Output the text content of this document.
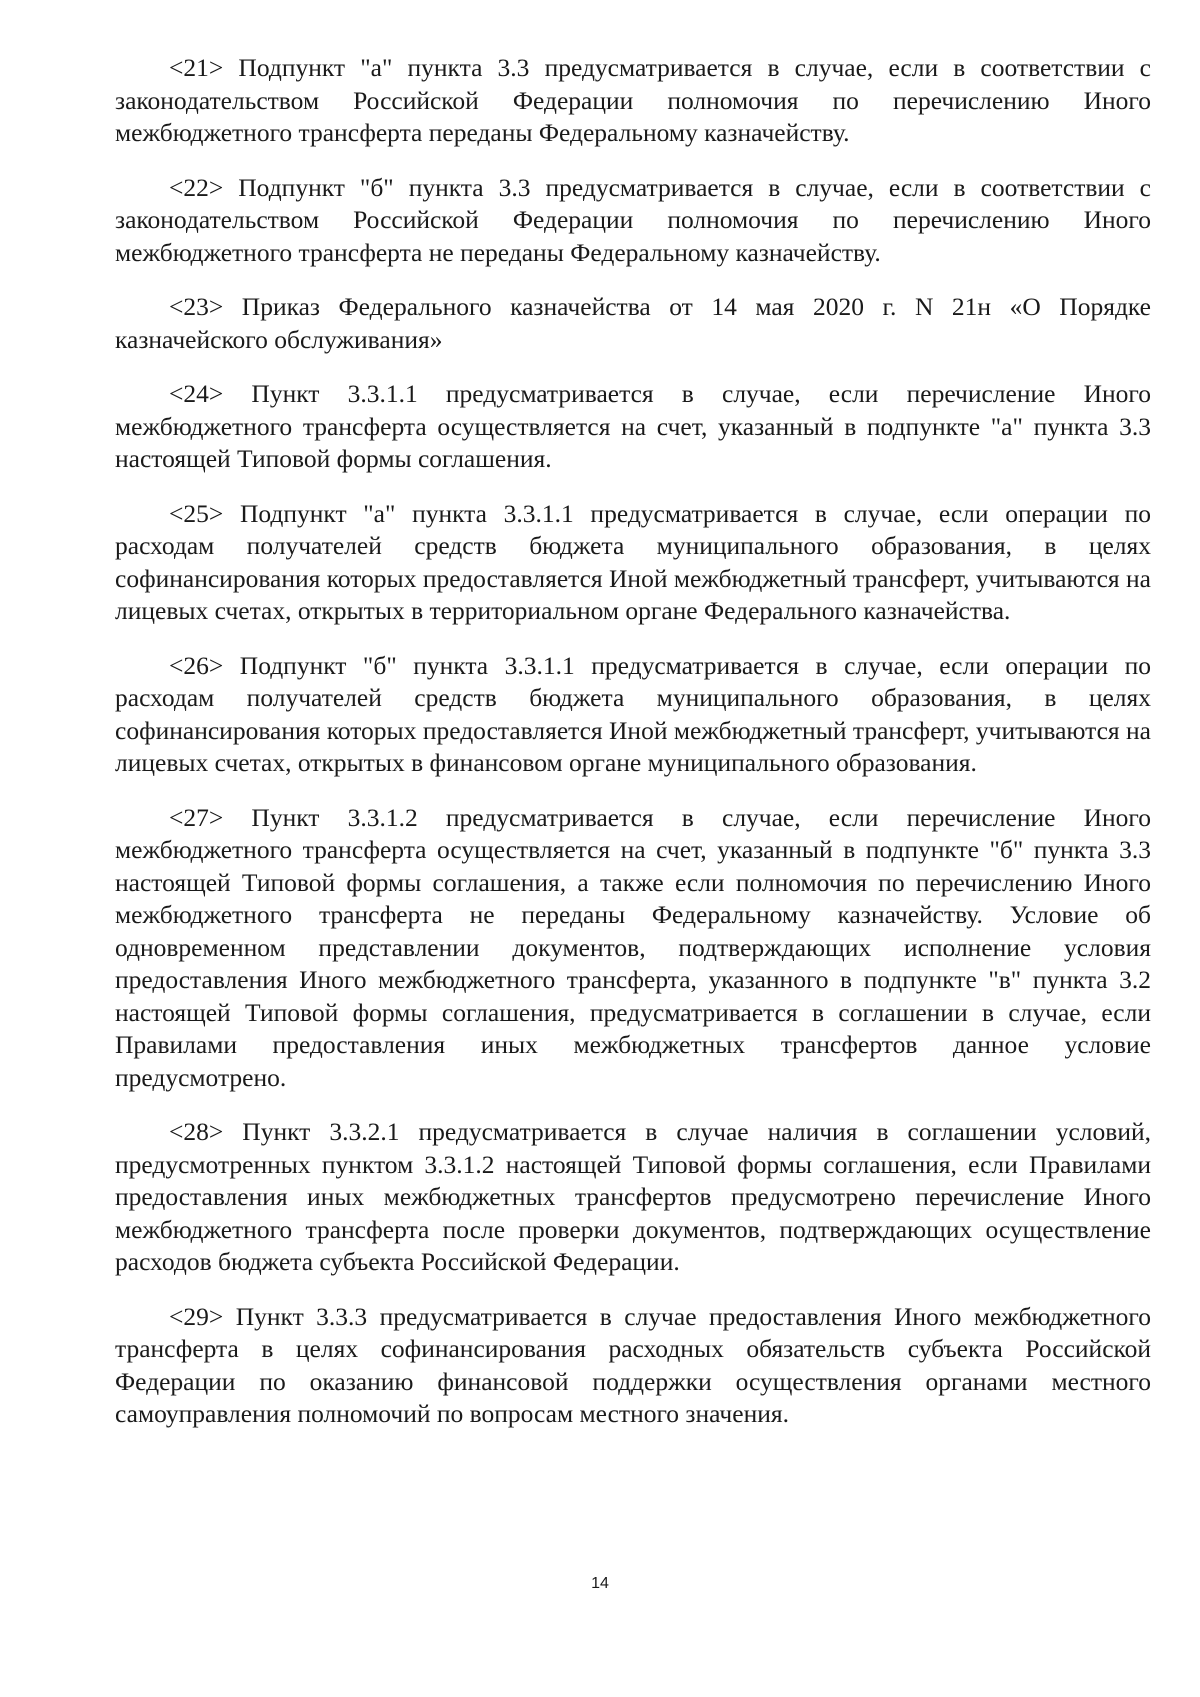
<21> Подпункт "а" пункта 3.3 предусматривается в случае, если в соответствии с законодательством Российской Федерации полномочия по перечислению Иного межбюджетного трансферта переданы Федеральному казначейству.

<22> Подпункт "б" пункта 3.3 предусматривается в случае, если в соответствии с законодательством Российской Федерации полномочия по перечислению Иного межбюджетного трансферта не переданы Федеральному казначейству.

<23> Приказ Федерального казначейства от 14 мая 2020 г. N 21н «О Порядке казначейского обслуживания»

<24> Пункт 3.3.1.1 предусматривается в случае, если перечисление Иного межбюджетного трансферта осуществляется на счет, указанный в подпункте "а" пункта 3.3 настоящей Типовой формы соглашения.

<25> Подпункт "а" пункта 3.3.1.1 предусматривается в случае, если операции по расходам получателей средств бюджета муниципального образования, в целях софинансирования которых предоставляется Иной межбюджетный трансферт, учитываются на лицевых счетах, открытых в территориальном органе Федерального казначейства.

<26> Подпункт "б" пункта 3.3.1.1 предусматривается в случае, если операции по расходам получателей средств бюджета муниципального образования, в целях софинансирования которых предоставляется Иной межбюджетный трансферт, учитываются на лицевых счетах, открытых в финансовом органе муниципального образования.

<27> Пункт 3.3.1.2 предусматривается в случае, если перечисление Иного межбюджетного трансферта осуществляется на счет, указанный в подпункте "б" пункта 3.3 настоящей Типовой формы соглашения, а также если полномочия по перечислению Иного межбюджетного трансферта не переданы Федеральному казначейству. Условие об одновременном представлении документов, подтверждающих исполнение условия предоставления Иного межбюджетного трансферта, указанного в подпункте "в" пункта 3.2 настоящей Типовой формы соглашения, предусматривается в соглашении в случае, если Правилами предоставления иных межбюджетных трансфертов данное условие предусмотрено.

<28> Пункт 3.3.2.1 предусматривается в случае наличия в соглашении условий, предусмотренных пунктом 3.3.1.2 настоящей Типовой формы соглашения, если Правилами предоставления иных межбюджетных трансфертов предусмотрено перечисление Иного межбюджетного трансферта после проверки документов, подтверждающих осуществление расходов бюджета субъекта Российской Федерации.

<29> Пункт 3.3.3 предусматривается в случае предоставления Иного межбюджетного трансферта в целях софинансирования расходных обязательств субъекта Российской Федерации по оказанию финансовой поддержки осуществления органами местного самоуправления полномочий по вопросам местного значения.

14
